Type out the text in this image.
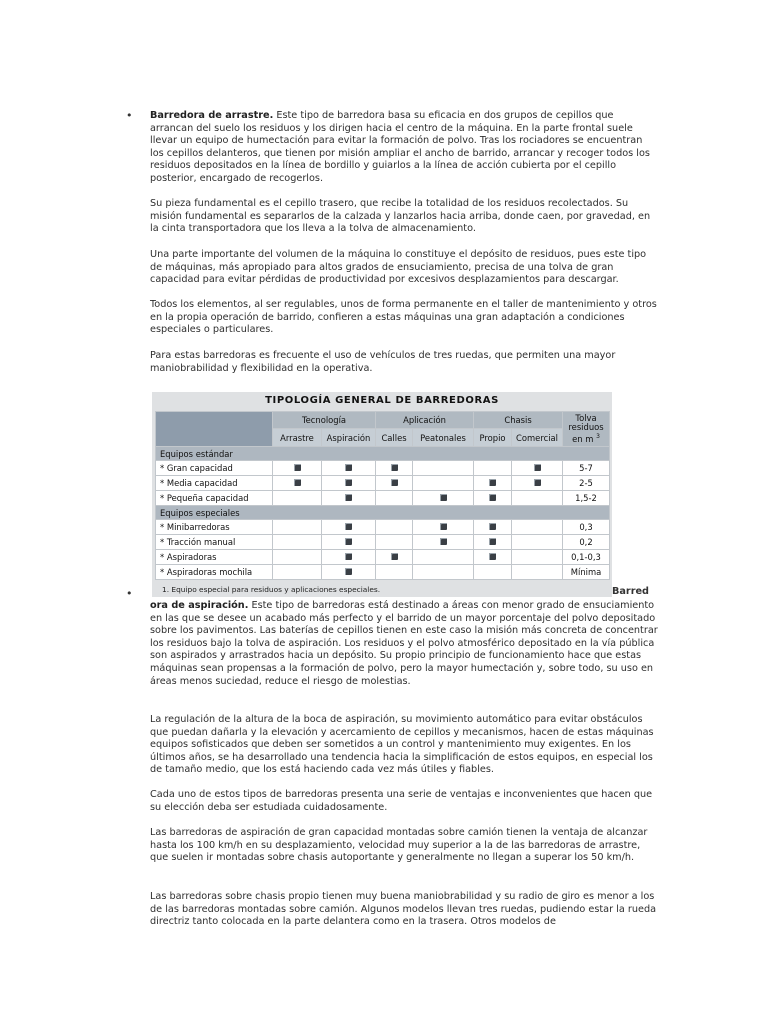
• Barredora de arrastre. Este tipo de barredora basa su eficacia en dos grupos de cepillos que arrancan del suelo los residuos y los dirigen hacia el centro de la máquina. En la parte frontal suele llevar un equipo de humectación para evitar la formación de polvo. Tras los rociadores se encuentran los cepillos delanteros, que tienen por misión ampliar el ancho de barrido, arrancar y recoger todos los residuos depositados en la línea de bordillo y guiarlos a la línea de acción cubierta por el cepillo posterior, encargado de recogerlos.

Su pieza fundamental es el cepillo trasero, que recibe la totalidad de los residuos recolectados. Su misión fundamental es separarlos de la calzada y lanzarlos hacia arriba, donde caen, por gravedad, en la cinta transportadora que los lleva a la tolva de almacenamiento.

Una parte importante del volumen de la máquina lo constituye el depósito de residuos, pues este tipo de máquinas, más apropiado para altos grados de ensuciamiento, precisa de una tolva de gran capacidad para evitar pérdidas de productividad por excesivos desplazamientos para descargar.

Todos los elementos, al ser regulables, unos de forma permanente en el taller de mantenimiento y otros en la propia operación de barrido, confieren a estas máquinas una gran adaptación a condiciones especiales o particulares.

Para estas barredoras es frecuente el uso de vehículos de tres ruedas, que permiten una mayor maniobrabilidad y flexibilidad en la operativa.

TIPOLOGÍA GENERAL DE BARREDORAS
	Tecnología		Aplicación		Chasis		Tolva residuos en m $^3$
	Arrastre	Aspiración	Calles	Peatonales	Propio	Comercial	
Equipos estándar							
* Gran capacidad							5-7
* Media capacidad							2-5
* Pequeña capacidad							1,5-2
Equipos especiales							
* Minibarredoras							0,3
* Tracción manual							0,2
* Aspiradoras							0,1-0,3
* Aspiradoras mochila							Mínima
1. Equipo especial para residuos y aplicaciones especiales.
•	Barred

ora de aspiración. Este tipo de barredoras está destinado a áreas con menor grado de ensuciamiento en las que se desee un acabado más perfecto y el barrido de un mayor porcentaje del polvo depositado sobre los pavimentos. Las baterías de cepillos tienen en este caso la misión más concreta de concentrar los residuos bajo la tolva de aspiración. Los residuos y el polvo atmosférico depositado en la vía pública son aspirados y arrastrados hacia un depósito. Su propio principio de funcionamiento hace que estas máquinas sean propensas a la formación de polvo, pero la mayor humectación y, sobre todo, su uso en áreas menos suciedad, reduce el riesgo de molestias.

La regulación de la altura de la boca de aspiración, su movimiento automático para evitar obstáculos que puedan dañarla y la elevación y acercamiento de cepillos y mecanismos, hacen de estas máquinas equipos sofisticados que deben ser sometidos a un control y mantenimiento muy exigentes. En los últimos años, se ha desarrollado una tendencia hacia la simplificación de estos equipos, en especial los de tamaño medio, que los está haciendo cada vez más útiles y fiables.

Cada uno de estos tipos de barredoras presenta una serie de ventajas e inconvenientes que hacen que su elección deba ser estudiada cuidadosamente.

Las barredoras de aspiración de gran capacidad montadas sobre camión tienen la ventaja de alcanzar hasta los 100 km/h en su desplazamiento, velocidad muy superior a la de las barredoras de arrastre, que suelen ir montadas sobre chasis autoportante y generalmente no llegan a superar los 50 km/h.

Las barredoras sobre chasis propio tienen muy buena maniobrabilidad y su radio de giro es menor a los de las barredoras montadas sobre camión. Algunos modelos llevan tres ruedas, pudiendo estar la rueda directriz tanto colocada en la parte delantera como en la trasera. Otros modelos de
